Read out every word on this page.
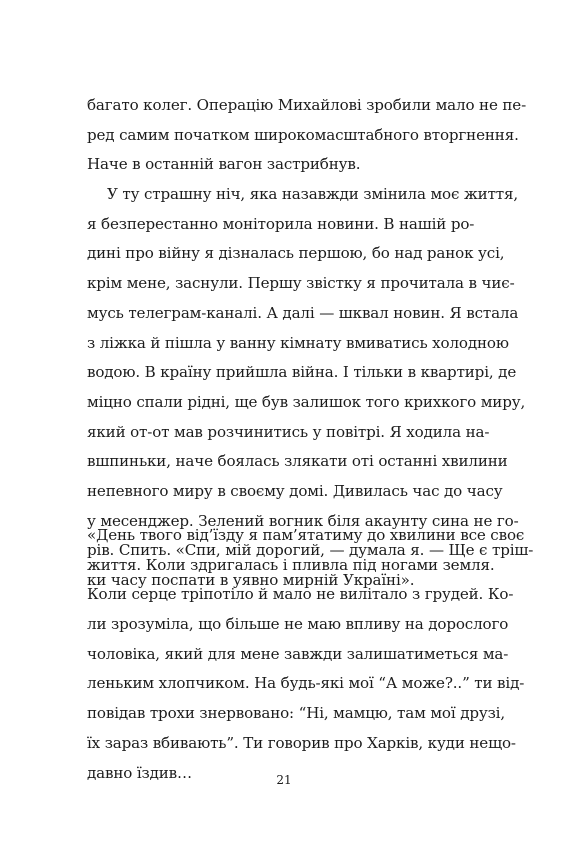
багато колег. Операцію Михайлові зробили мало не пе-
ред самим початком широкомасштабного вторгнення.
Наче в останній вагон застрибнув.
У ту страшну ніч, яка назавжди змінила моє життя,
я безперестанно моніторила новини. В нашій ро-
дині про війну я дізналась першою, бо над ранок усі,
крім мене, заснули. Першу звістку я прочитала в чиє-
мусь телеграм-каналі. А далі — шквал новин. Я встала
з ліжка й пішла у ванну кімнату вмиватись холодною
водою. В країну прийшла війна. І тільки в квартирі, де
міцно спали рідні, ще був залишок того крихкого миру,
який от-от мав розчинитись у повітрі. Я ходила на-
вшпиньки, наче боялась злякати оті останні хвилини
непевного миру в своєму домі. Дивилась час до часу
у месенджер. Зелений вогник біля акаунту сина не го-
рів. Спить. «Спи, мій дорогий, — думала я. — Ще є тріш-
ки часу поспати в уявно мирній Україні».
«День твого від’їзду я пам’ятатиму до хвилини все своє
життя. Коли здригалась і пливла під ногами земля.
Коли серце тріпотіло й мало не вилітало з грудей. Ко-
ли зрозуміла, що більше не маю впливу на дорослого
чоловіка, який для мене завжди залишатиметься ма-
леньким хлопчиком. На будь-які мої “А може?..” ти від-
повідав трохи знервовано: “Ні, мамцю, там мої друзі,
їх зараз вбивають”. Ти говорив про Харків, куди нещо-
давно їздив…	21
